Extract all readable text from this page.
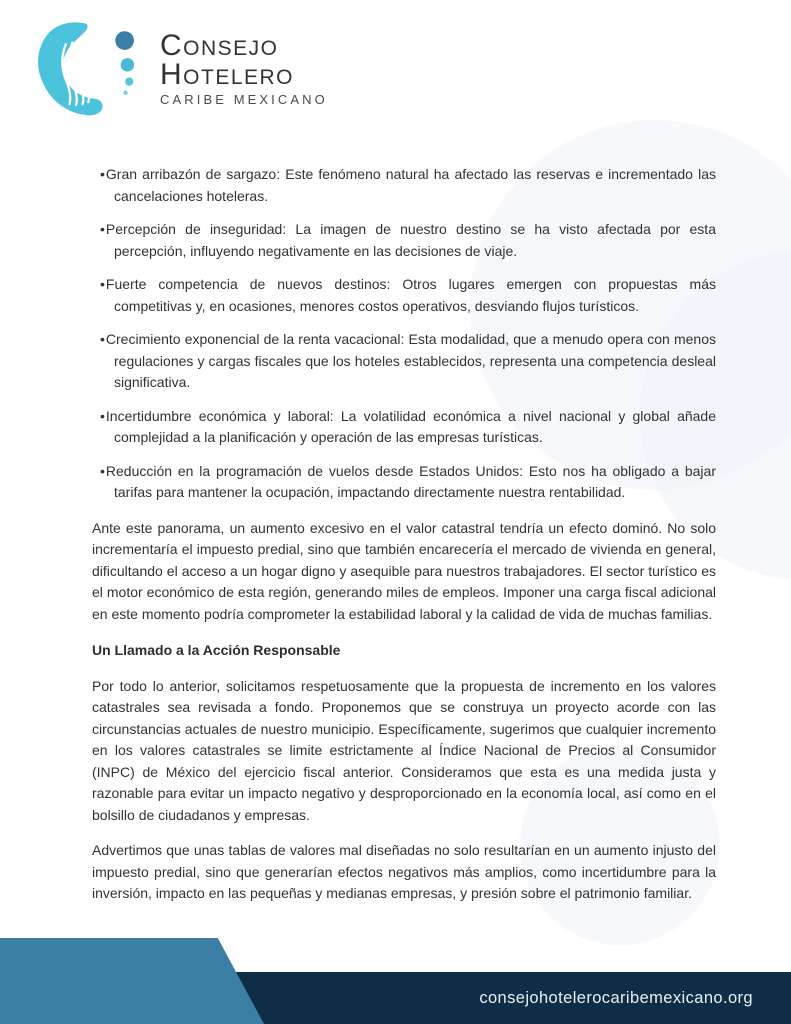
Consejo
Hotelero
CARIBE MEXICANO
•Gran arribazón de sargazo: Este fenómeno natural ha afectado las reservas e incrementado las cancelaciones hoteleras.
•Percepción de inseguridad: La imagen de nuestro destino se ha visto afectada por esta percepción, influyendo negativamente en las decisiones de viaje.
•Fuerte competencia de nuevos destinos: Otros lugares emergen con propuestas más competitivas y, en ocasiones, menores costos operativos, desviando flujos turísticos.
•Crecimiento exponencial de la renta vacacional: Esta modalidad, que a menudo opera con menos regulaciones y cargas fiscales que los hoteles establecidos, representa una competencia desleal significativa.
•Incertidumbre económica y laboral: La volatilidad económica a nivel nacional y global añade complejidad a la planificación y operación de las empresas turísticas.
•Reducción en la programación de vuelos desde Estados Unidos: Esto nos ha obligado a bajar tarifas para mantener la ocupación, impactando directamente nuestra rentabilidad.

Ante este panorama, un aumento excesivo en el valor catastral tendría un efecto dominó. No solo incrementaría el impuesto predial, sino que también encarecería el mercado de vivienda en general, dificultando el acceso a un hogar digno y asequible para nuestros trabajadores. El sector turístico es el motor económico de esta región, generando miles de empleos. Imponer una carga fiscal adicional en este momento podría comprometer la estabilidad laboral y la calidad de vida de muchas familias.

Un Llamado a la Acción Responsable

Por todo lo anterior, solicitamos respetuosamente que la propuesta de incremento en los valores catastrales sea revisada a fondo. Proponemos que se construya un proyecto acorde con las circunstancias actuales de nuestro municipio. Específicamente, sugerimos que cualquier incremento en los valores catastrales se limite estrictamente al Índice Nacional de Precios al Consumidor (INPC) de México del ejercicio fiscal anterior. Consideramos que esta es una medida justa y razonable para evitar un impacto negativo y desproporcionado en la economía local, así como en el bolsillo de ciudadanos y empresas.

Advertimos que unas tablas de valores mal diseñadas no solo resultarían en un aumento injusto del impuesto predial, sino que generarían efectos negativos más amplios, como incertidumbre para la inversión, impacto en las pequeñas y medianas empresas, y presión sobre el patrimonio familiar.

consejohotelerocaribemexicano.org
